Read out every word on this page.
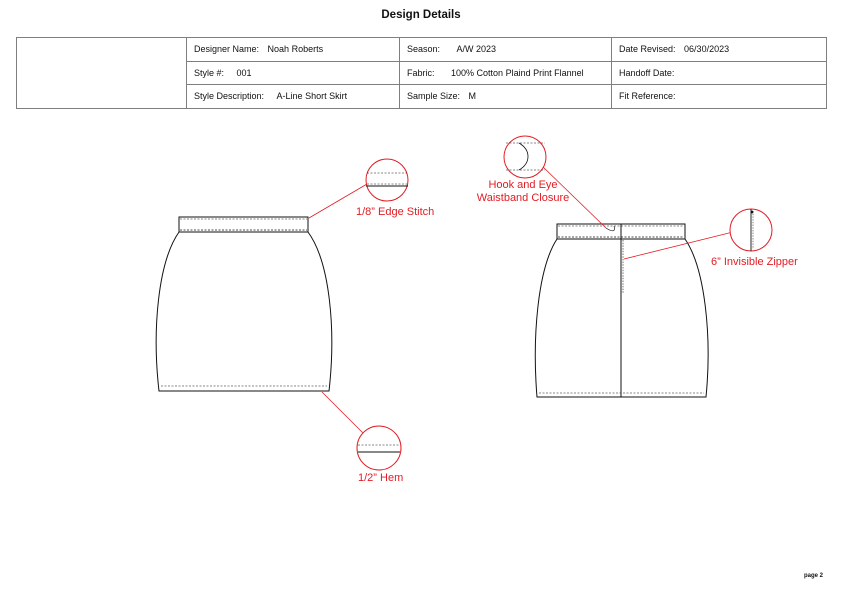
Design Details
	Designer Name: Noah Roberts	Season: A/W 2023	Date Revised: 06/30/2023
	Style #: 001	Fabric: 100% Cotton Plaind Print Flannel	Handoff Date:
	Style Description: A-Line Short Skirt	Sample Size: M	Fit Reference:
1/8” Edge Stitch
1/2” Hem
Hook and Eye
Waistband Closure
6” Invisible Zipper
page 2
